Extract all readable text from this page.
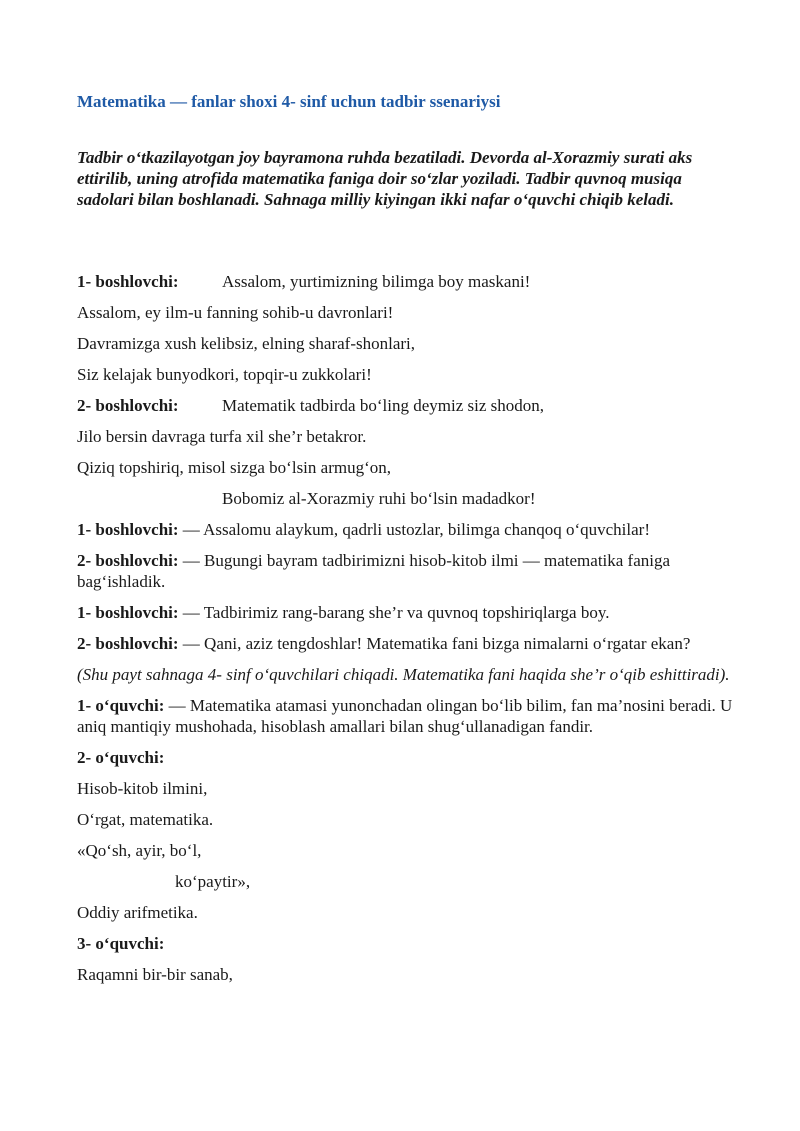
Matematika — fanlar shoxi 4- sinf uchun tadbir ssenariysi
Tadbir o‘tkazilayotgan joy bayramona ruhda bezatiladi. Devorda al-Xorazmiy surati aks ettirilib, uning atrofida matematika faniga doir so‘zlar yoziladi. Tadbir quvnoq musiqa sadolari bilan boshlanadi. Sahnaga milliy kiyingan ikki nafar o‘quvchi chiqib keladi.
1- boshlovchi:	Assalom, yurtimizning bilimga boy maskani!
Assalom, ey ilm-u fanning sohib-u davronlari!
Davramizga xush kelibsiz, elning sharaf-shonlari,
Siz kelajak bunyodkori, topqir-u zukkolari!
2- boshlovchi:	Matematik tadbirda bo‘ling deymiz siz shodon,
Jilo bersin davraga turfa xil she’r betakror.
Qiziq topshiriq, misol sizga bo‘lsin armug‘on,
Bobomiz al-Xorazmiy ruhi bo‘lsin madadkor!
1- boshlovchi: — Assalomu alaykum, qadrli ustozlar, bilimga chanqoq o‘quvchilar!
2- boshlovchi: — Bugungi bayram tadbirimizni hisob-kitob ilmi — matematika faniga bag‘ishladik.
1- boshlovchi: — Tadbirimiz rang-barang she’r va quvnoq topshiriqlarga boy.
2- boshlovchi: — Qani, aziz tengdoshlar! Matematika fani bizga nimalarni o‘rgatar ekan?
(Shu payt sahnaga 4- sinf o‘quvchilari chiqadi. Matematika fani haqida she’r o‘qib eshittiradi).
1- o‘quvchi: — Matematika atamasi yunonchadan olingan bo‘lib bilim, fan ma’nosini beradi. U aniq mantiqiy mushohada, hisoblash amallari bilan shug‘ullanadigan fandir.
2- o‘quvchi:
Hisob-kitob ilmini,
O‘rgat, matematika.
«Qo‘sh, ayir, bo‘l,
ko‘paytir»,
Oddiy arifmetika.
3- o‘quvchi:
Raqamni bir-bir sanab,
